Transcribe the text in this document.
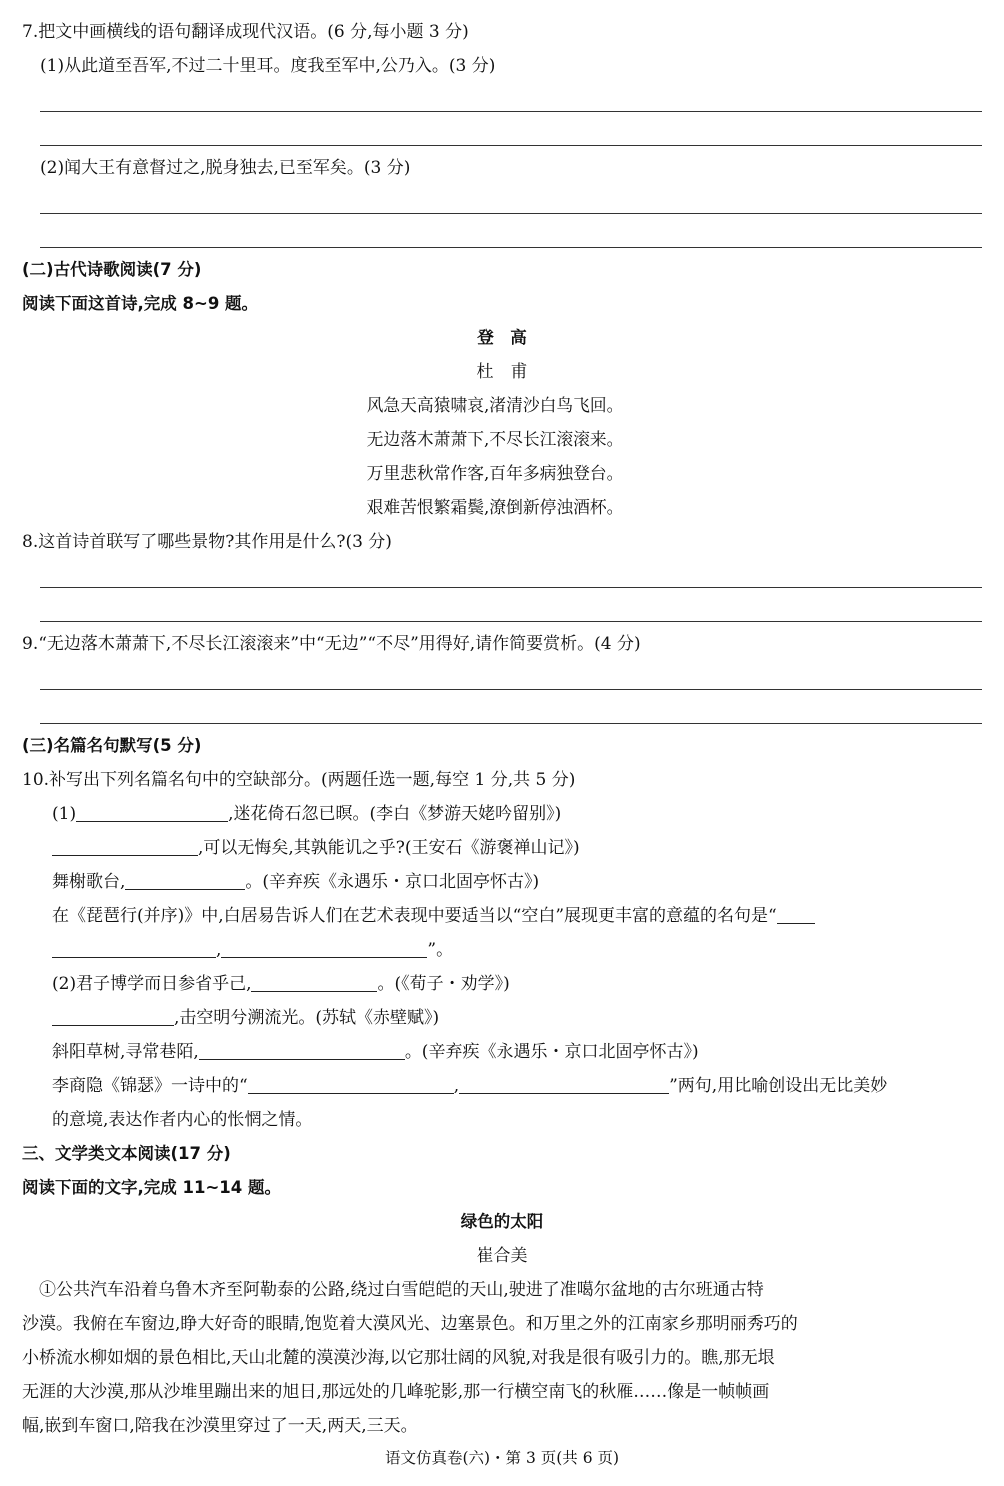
7.把文中画横线的语句翻译成现代汉语。(6 分,每小题 3 分)
(1)从此道至吾军,不过二十里耳。度我至军中,公乃入。(3 分)
(2)闻大王有意督过之,脱身独去,已至军矣。(3 分)
(二)古代诗歌阅读(7 分)
阅读下面这首诗,完成 8~9 题。
登　高
杜　甫
风急天高猿啸哀,渚清沙白鸟飞回。
无边落木萧萧下,不尽长江滚滚来。
万里悲秋常作客,百年多病独登台。
艰难苦恨繁霜鬓,潦倒新停浊酒杯。
8.这首诗首联写了哪些景物?其作用是什么?(3 分)
9.“无边落木萧萧下,不尽长江滚滚来”中“无边”“不尽”用得好,请作简要赏析。(4 分)
(三)名篇名句默写(5 分)
10.补写出下列名篇名句中的空缺部分。(两题任选一题,每空 1 分,共 5 分)
(1)	,迷花倚石忽已暝。(李白《梦游天姥吟留别》)
,可以无悔矣,其孰能讥之乎?(王安石《游褒禅山记》)
舞榭歌台,	。(辛弃疾《永遇乐・京口北固亭怀古》)
在《琵琶行(并序)》中,白居易告诉人们在艺术表现中要适当以“空白”展现更丰富的意蕴的名句是“
,	”。
(2)君子博学而日参省乎己,	。(《荀子・劝学》)
,击空明兮溯流光。(苏轼《赤壁赋》)
斜阳草树,寻常巷陌,	。(辛弃疾《永遇乐・京口北固亭怀古》)
李商隐《锦瑟》一诗中的“	,	”两句,用比喻创设出无比美妙
的意境,表达作者内心的怅惘之情。
三、文学类文本阅读(17 分)
阅读下面的文字,完成 11~14 题。
绿色的太阳
崔合美
　①公共汽车沿着乌鲁木齐至阿勒泰的公路,绕过白雪皑皑的天山,驶进了准噶尔盆地的古尔班通古特
沙漠。我俯在车窗边,睁大好奇的眼睛,饱览着大漠风光、边塞景色。和万里之外的江南家乡那明丽秀巧的
小桥流水柳如烟的景色相比,天山北麓的漠漠沙海,以它那壮阔的风貌,对我是很有吸引力的。瞧,那无垠
无涯的大沙漠,那从沙堆里蹦出来的旭日,那远处的几峰驼影,那一行横空南飞的秋雁……像是一帧帧画
幅,嵌到车窗口,陪我在沙漠里穿过了一天,两天,三天。
语文仿真卷(六)・第 3 页(共 6 页)
